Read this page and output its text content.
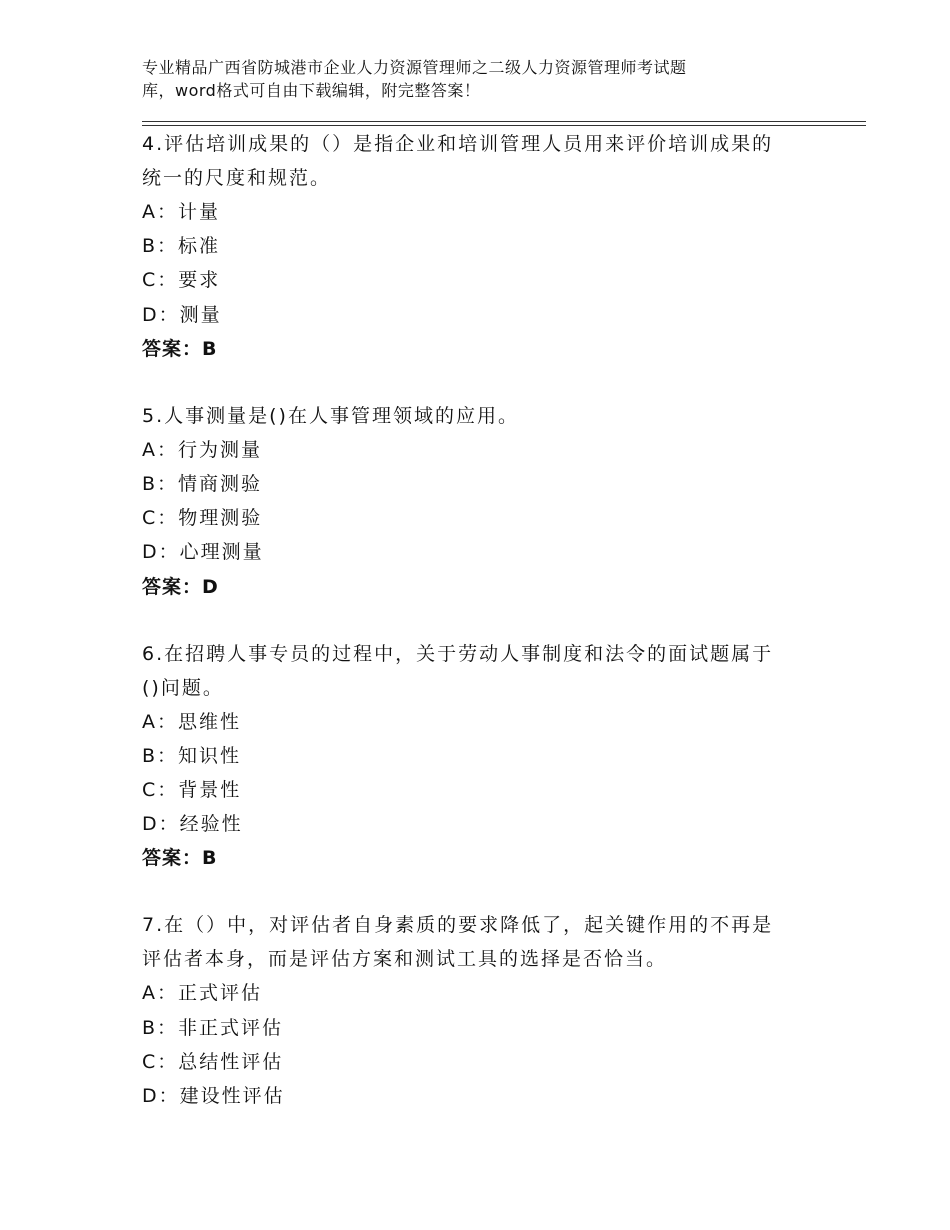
专业精品广西省防城港市企业人力资源管理师之二级人力资源管理师考试题
库，word格式可自由下载编辑，附完整答案！

4.评估培训成果的（）是指企业和培训管理人员用来评价培训成果的

统一的尺度和规范。

A：计量

B：标准

C：要求

D：测量

答案：B

5.人事测量是()在人事管理领域的应用。

A：行为测量

B：情商测验

C：物理测验

D：心理测量

答案：D

6.在招聘人事专员的过程中，关于劳动人事制度和法令的面试题属于

()问题。

A：思维性

B：知识性

C：背景性

D：经验性

答案：B

7.在（）中，对评估者自身素质的要求降低了，起关键作用的不再是

评估者本身，而是评估方案和测试工具的选择是否恰当。

A：正式评估

B：非正式评估

C：总结性评估

D：建设性评估
